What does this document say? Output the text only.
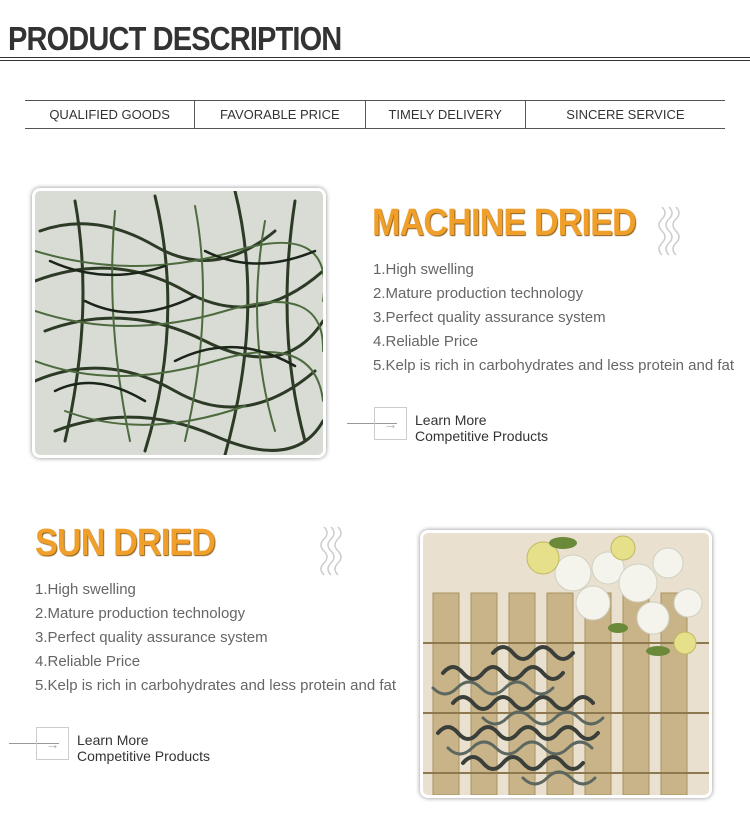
PRODUCT DESCRIPTION
QUALIFIED GOODS	FAVORABLE PRICE	TIMELY DELIVERY	SINCERE SERVICE
MACHINE DRIED
1.High swelling
2.Mature production technology
3.Perfect quality assurance system
4.Reliable Price
5.Kelp is rich in carbohydrates and less protein and fat
→	Learn More
Competitive Products
SUN DRIED
1.High swelling
2.Mature production technology
3.Perfect quality assurance system
4.Reliable Price
5.Kelp is rich in carbohydrates and less protein and fat
→	Learn More
Competitive Products
